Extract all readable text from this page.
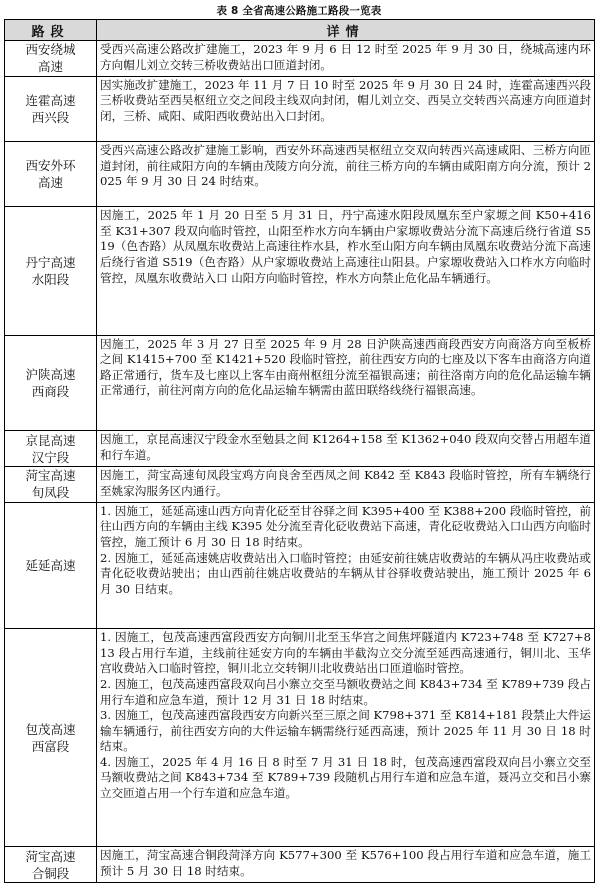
表 8 全省高速公路施工路段一览表
路段	详情

西安绕城
高速	受西兴高速公路改扩建施工，2023 年 9 月 6 日 12 时至 2025 年 9 月 30 日，绕城高速内环方向帽儿刘立交转三桥收费站出口匝道封闭。

连霍高速
西兴段	因实施改扩建施工，2023 年 11 月 7 日 10 时至 2025 年 9 月 30 日 24 时，连霍高速西兴段三桥收费站至西吴枢纽立交之间段主线双向封闭，帽儿刘立交、西吴立交转西兴高速方向匝道封闭，三桥、咸阳、咸阳西收费站出入口封闭。

西安外环
高速	受西兴高速公路改扩建施工影响，西安外环高速西吴枢纽立交双向转西兴高速咸阳、三桥方向匝道封闭，前往咸阳方向的车辆由茂陵方向分流，前往三桥方向的车辆由咸阳南方向分流，预计 2025 年 9 月 30 日 24 时结束。

丹宁高速
水阳段	因施工，2025 年 1 月 20 日至 5 月 31 日，丹宁高速水阳段凤凰东至户家塬之间 K50+416 至 K31+307 段双向临时管控，山阳至柞水方向车辆由户家塬收费站分流下高速后绕行省道 S519（色杏路）从凤凰东收费站上高速往柞水县，柞水至山阳方向车辆由凤凰东收费站分流下高速后绕行省道 S519（色杏路）从户家塬收费站上高速往山阳县。户家塬收费站入口柞水方向临时管控，凤凰东收费站入口 山阳方向临时管控，柞水方向禁止危化品车辆通行。

沪陕高速
西商段	因施工，2025 年 3 月 27 日至 2025 年 9 月 28 日沪陕高速西商段西安方向商洛方向至板桥之间 K1415+700 至 K1421+520 段临时管控，前往西安方向的七座及以下客车由商洛方向道路正常通行，货车及七座以上客车由商州枢纽分流至福银高速；前往洛南方向的危化品运输车辆正常通行，前往河南方向的危化品运输车辆需由蓝田联络线绕行福银高速。

京昆高速
汉宁段	因施工，京昆高速汉宁段金水至勉县之间 K1264+158 至 K1362+040 段双向交替占用超车道和行车道。

菏宝高速
旬凤段	因施工，菏宝高速旬凤段宝鸡方向良舍至西凤之间 K842 至 K843 段临时管控，所有车辆绕行至姚家沟服务区内通行。

延延高速	1. 因施工，延延高速山西方向青化砭至甘谷驿之间 K395+400 至 K388+200 段临时管控，前往山西方向的车辆由主线 K395 处分流至青化砭收费站下高速，青化砭收费站入口山西方向临时管控，施工预计 6 月 30 日 18 时结束。
2. 因施工，延延高速姚店收费站出入口临时管控；由延安前往姚店收费站的车辆从冯庄收费站或青化砭收费站驶出；由山西前往姚店收费站的车辆从甘谷驿收费站驶出，施工预计 2025 年 6 月 30 日结束。

包茂高速
西富段	1. 因施工，包茂高速西富段西安方向铜川北至玉华宫之间焦坪隧道内 K723+748 至 K727+813 段占用行车道，主线前往延安方向的车辆由半截沟立交分流至延西高速通行，铜川北、玉华宫收费站入口临时管控，铜川北立交转铜川北收费站出口匝道临时管控。
2. 因施工，包茂高速西富段双向吕小寨立交至马额收费站之间 K843+734 至 K789+739 段占用行车道和应急车道，预计 12 月 31 日 18 时结束。
3. 因施工，包茂高速西富段西安方向新兴至三原之间 K798+371 至 K814+181 段禁止大件运输车辆通行，前往西安方向的大件运输车辆需绕行延西高速，预计 2025 年 11 月 30 日 18 时结束。
4. 因施工，2025 年 4 月 16 日 8 时至 7 月 31 日 18 时，包茂高速西富段双向吕小寨立交至马额收费站之间 K843+734 至 K789+739 段随机占用行车道和应急车道，聂冯立交和吕小寨立交匝道占用一个行车道和应急车道。

菏宝高速
合铜段	因施工，菏宝高速合铜段菏泽方向 K577+300 至 K576+100 段占用行车道和应急车道，施工预计 5 月 30 日 18 时结束。
